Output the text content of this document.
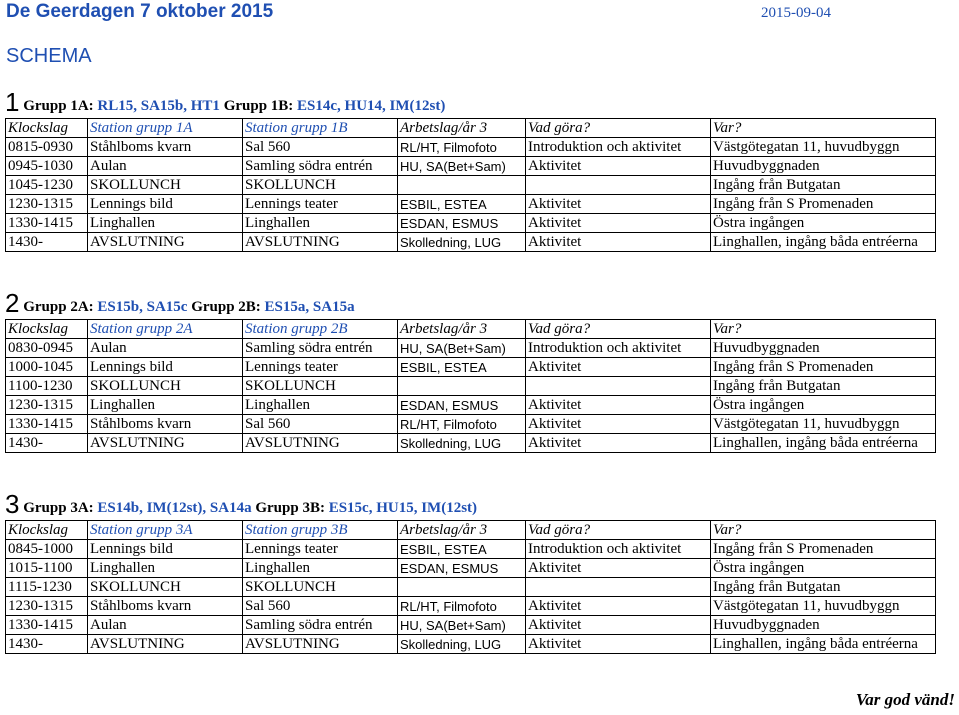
De Geerdagen 7 oktober 2015	2015-09-04
SCHEMA
1 Grupp 1A: RL15, SA15b, HT1 Grupp 1B: ES14c, HU14, IM(12st)
Klockslag	Station grupp 1A	Station grupp 1B	Arbetslag/år 3	Vad göra?	Var?
0815-0930	Ståhlboms kvarn	Sal 560	RL/HT, Filmofoto	Introduktion och aktivitet	Västgötegatan 11, huvudbyggn
0945-1030	Aulan	Samling södra entrén	HU, SA(Bet+Sam)	Aktivitet	Huvudbyggnaden
1045-1230	SKOLLUNCH	SKOLLUNCH			Ingång från Butgatan
1230-1315	Lennings bild	Lennings teater	ESBIL, ESTEA	Aktivitet	Ingång från S Promenaden
1330-1415	Linghallen	Linghallen	ESDAN, ESMUS	Aktivitet	Östra ingången
1430-	AVSLUTNING	AVSLUTNING	Skolledning, LUG	Aktivitet	Linghallen, ingång båda entréerna
2 Grupp 2A: ES15b, SA15c Grupp 2B: ES15a, SA15a
Klockslag	Station grupp 2A	Station grupp 2B	Arbetslag/år 3	Vad göra?	Var?
0830-0945	Aulan	Samling södra entrén	HU, SA(Bet+Sam)	Introduktion och aktivitet	Huvudbyggnaden
1000-1045	Lennings bild	Lennings teater	ESBIL, ESTEA	Aktivitet	Ingång från S Promenaden
1100-1230	SKOLLUNCH	SKOLLUNCH			Ingång från Butgatan
1230-1315	Linghallen	Linghallen	ESDAN, ESMUS	Aktivitet	Östra ingången
1330-1415	Ståhlboms kvarn	Sal 560	RL/HT, Filmofoto	Aktivitet	Västgötegatan 11, huvudbyggn
1430-	AVSLUTNING	AVSLUTNING	Skolledning, LUG	Aktivitet	Linghallen, ingång båda entréerna
3 Grupp 3A: ES14b, IM(12st), SA14a Grupp 3B: ES15c, HU15, IM(12st)
Klockslag	Station grupp 3A	Station grupp 3B	Arbetslag/år 3	Vad göra?	Var?
0845-1000	Lennings bild	Lennings teater	ESBIL, ESTEA	Introduktion och aktivitet	Ingång från S Promenaden
1015-1100	Linghallen	Linghallen	ESDAN, ESMUS	Aktivitet	Östra ingången
1115-1230	SKOLLUNCH	SKOLLUNCH			Ingång från Butgatan
1230-1315	Ståhlboms kvarn	Sal 560	RL/HT, Filmofoto	Aktivitet	Västgötegatan 11, huvudbyggn
1330-1415	Aulan	Samling södra entrén	HU, SA(Bet+Sam)	Aktivitet	Huvudbyggnaden
1430-	AVSLUTNING	AVSLUTNING	Skolledning, LUG	Aktivitet	Linghallen, ingång båda entréerna
Var god vänd!
